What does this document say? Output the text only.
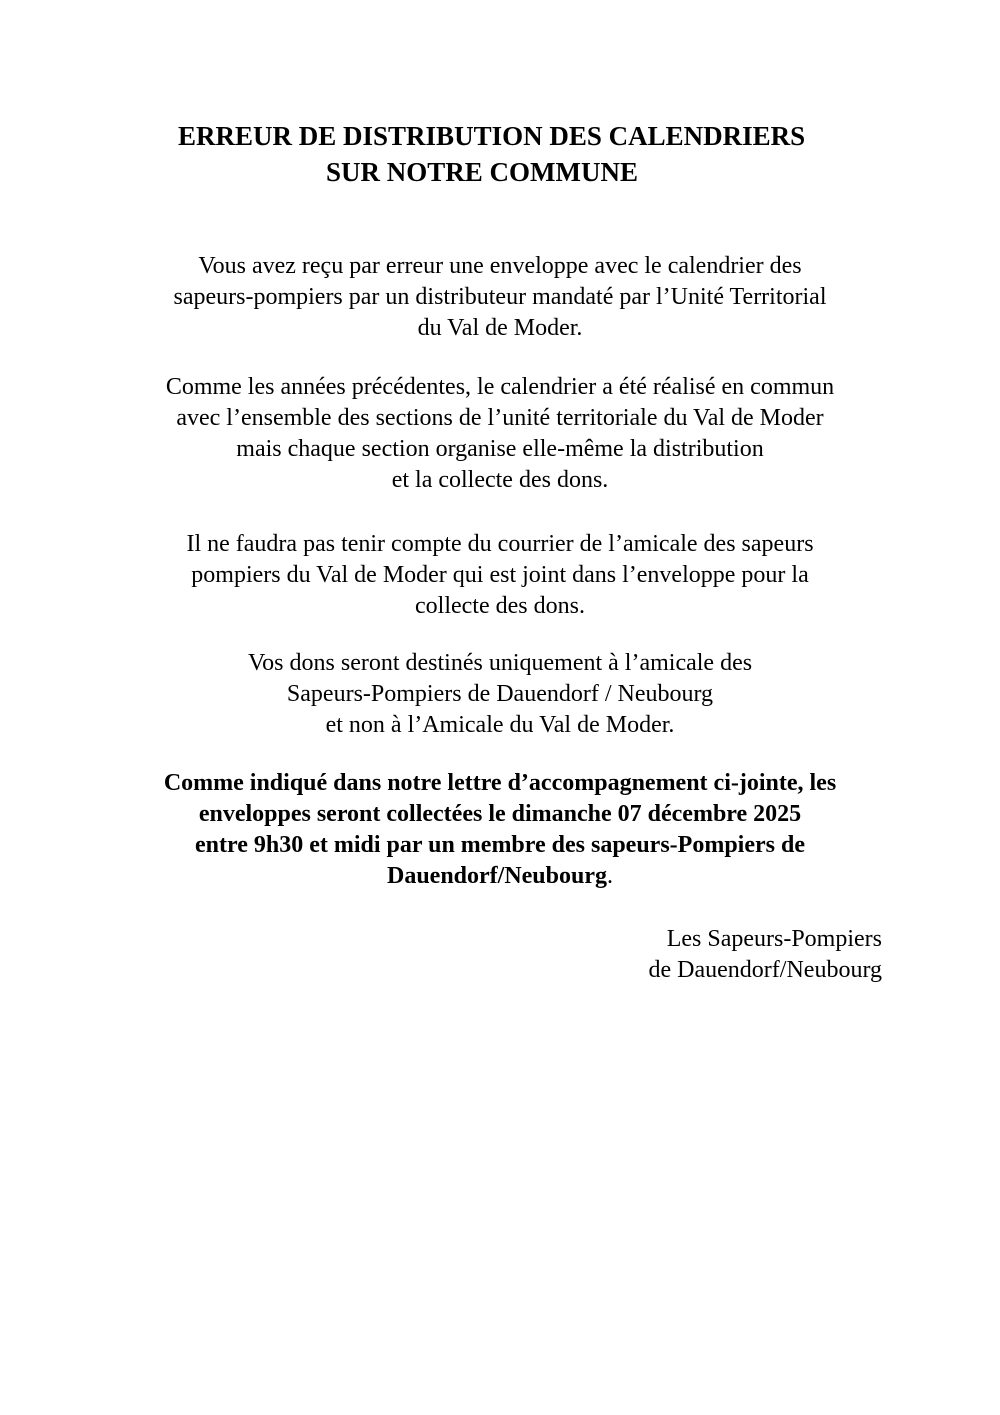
ERREUR DE DISTRIBUTION DES CALENDRIERS
SUR NOTRE COMMUNE
Vous avez reçu par erreur une enveloppe avec le calendrier des
sapeurs-pompiers par un distributeur mandaté par l’Unité Territorial
du Val de Moder.
Comme les années précédentes, le calendrier a été réalisé en commun
avec l’ensemble des sections de l’unité territoriale du Val de Moder
mais chaque section organise elle-même la distribution
et la collecte des dons.
Il ne faudra pas tenir compte du courrier de l’amicale des sapeurs
pompiers du Val de Moder qui est joint dans l’enveloppe pour la
collecte des dons.
Vos dons seront destinés uniquement à l’amicale des
Sapeurs-Pompiers de Dauendorf / Neubourg
et non à l’Amicale du Val de Moder.
Comme indiqué dans notre lettre d’accompagnement ci-jointe, les
enveloppes seront collectées le dimanche 07 décembre 2025
entre 9h30 et midi par un membre des sapeurs-Pompiers de
Dauendorf/Neubourg.
Les Sapeurs-Pompiers
de Dauendorf/Neubourg
